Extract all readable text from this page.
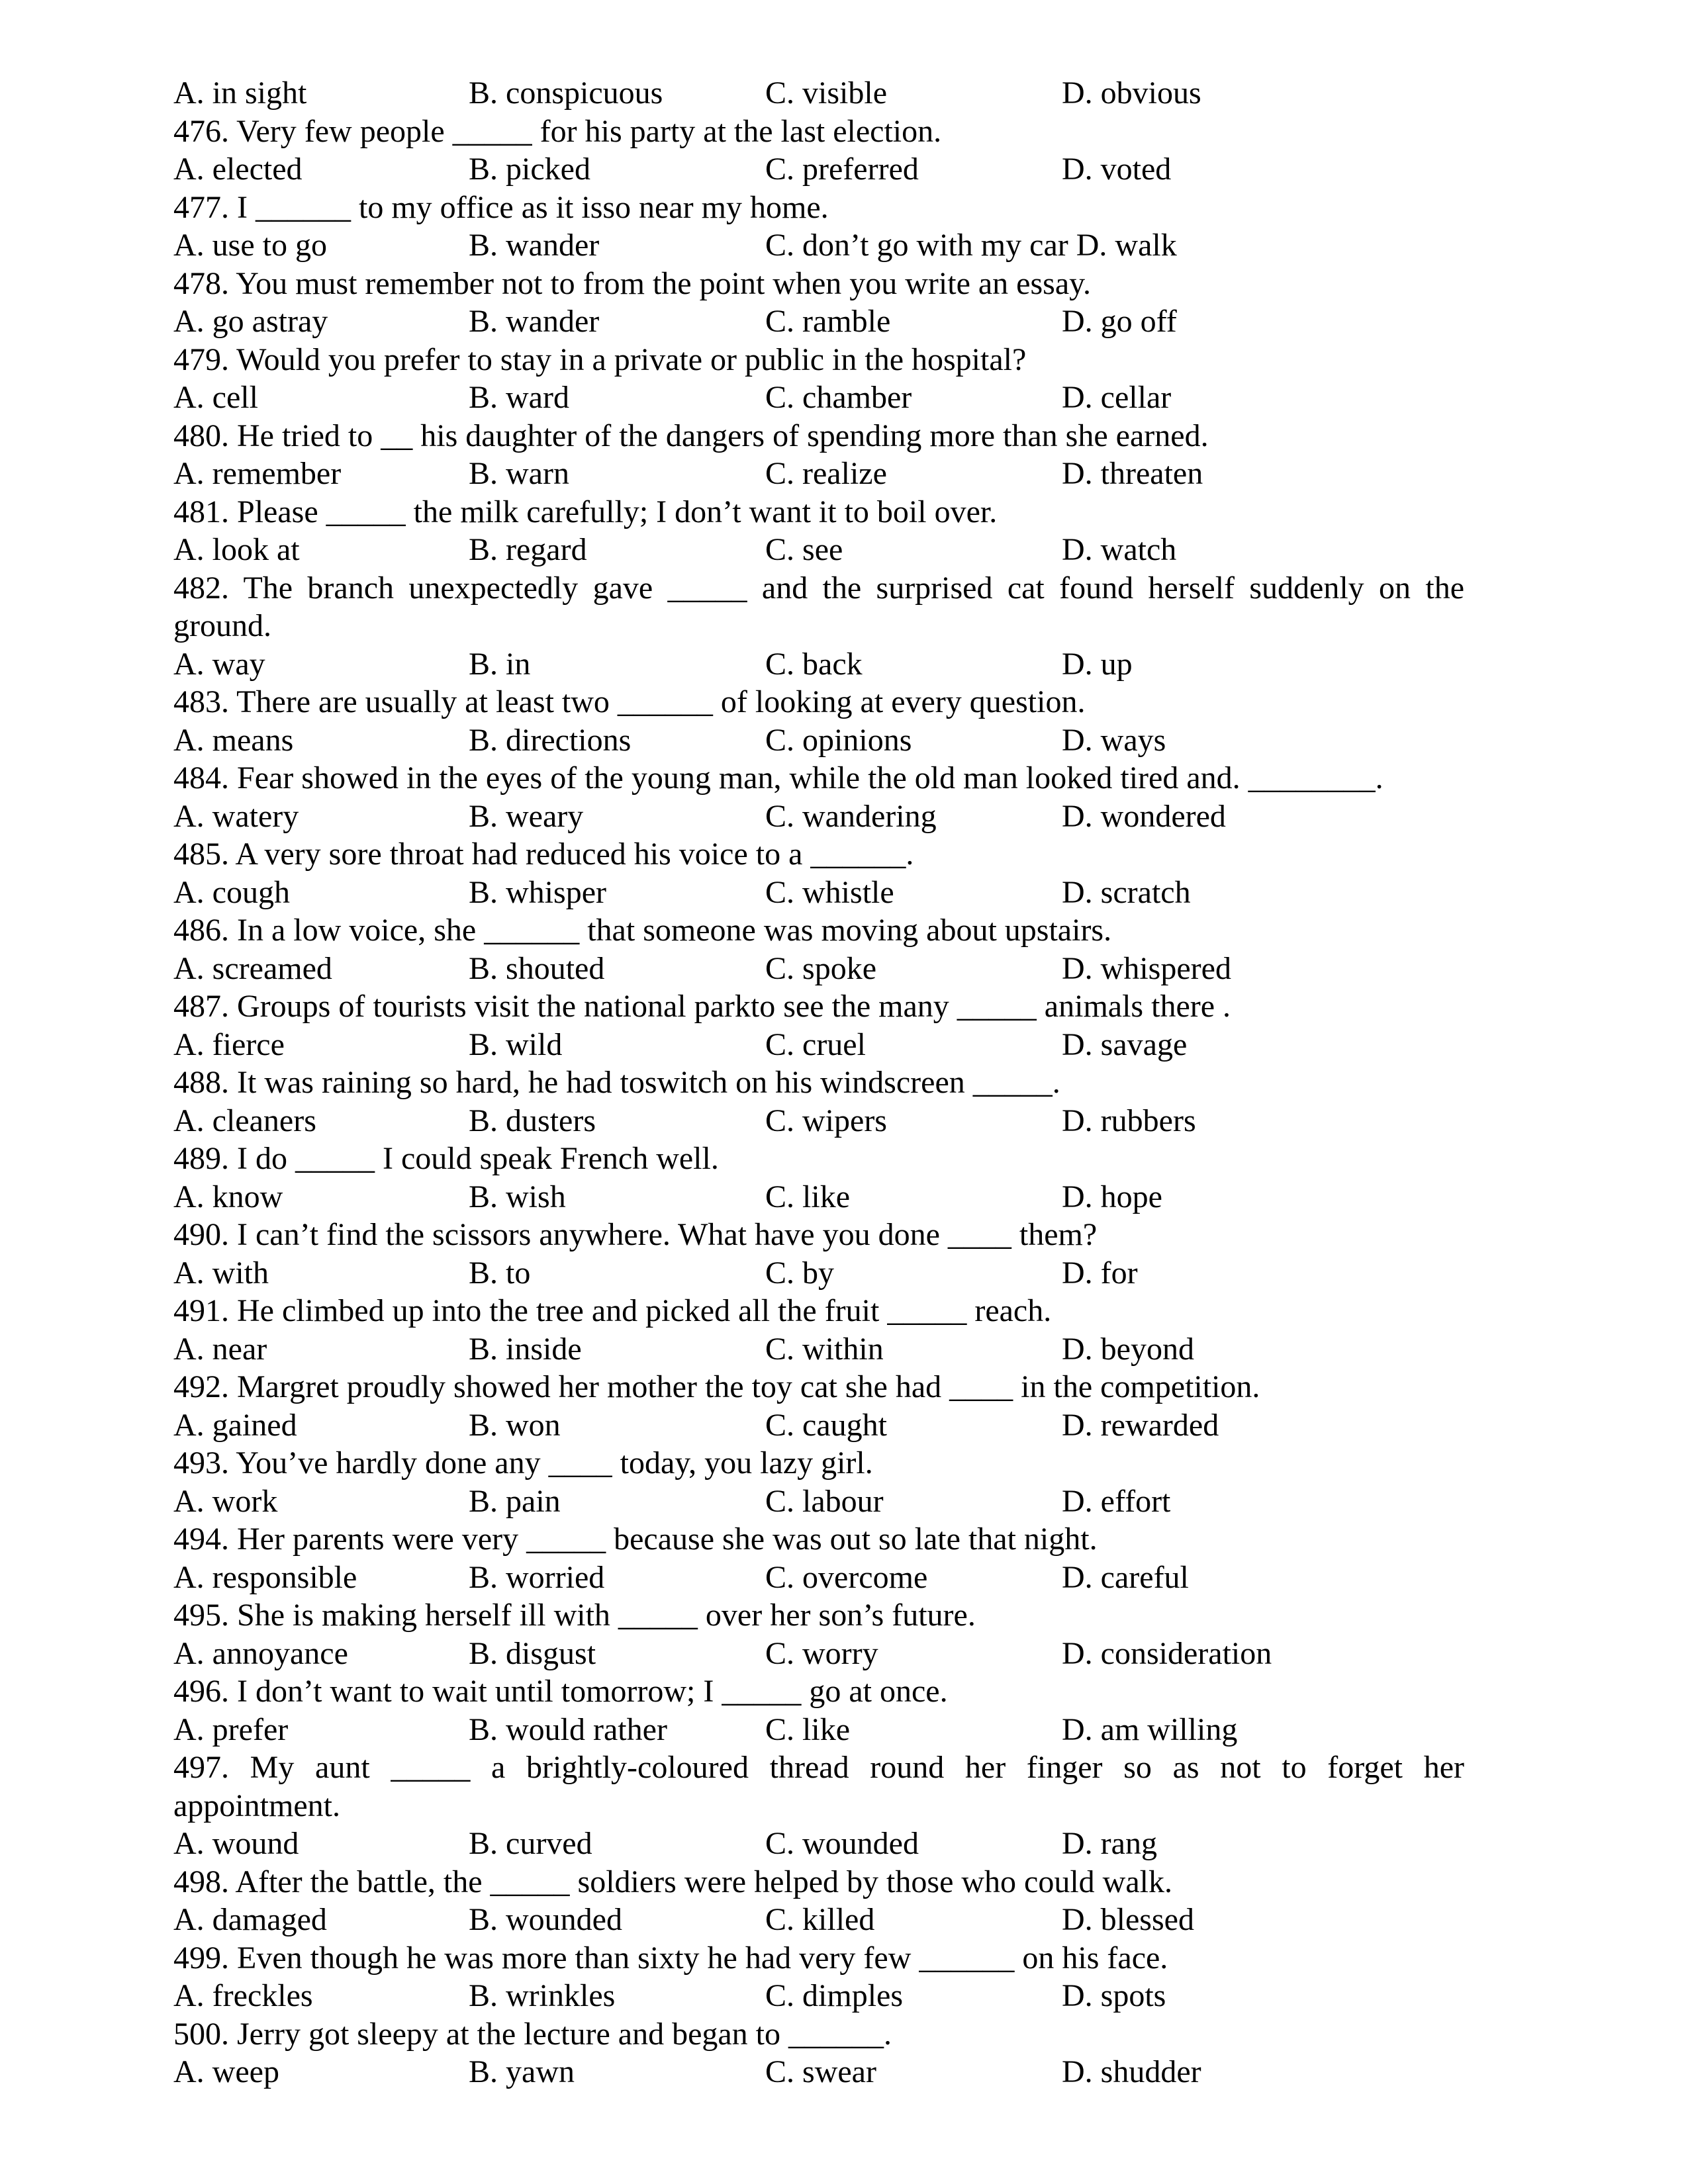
A. in sight	B. conspicuous	C. visible	D. obvious
476. Very few people _____ for his party at the last election.
A. elected	B. picked	C. preferred	D. voted
477. I ______ to my office as it isso near my home.
A. use to go	B. wander	C. don’t go with my car D. walk
478. You must remember not to from the point when you write an essay.
A. go astray	B. wander	C. ramble	D. go off
479. Would you prefer to stay in a private or public in the hospital?
A. cell	B. ward	C. chamber	D. cellar
480. He tried to __ his daughter of the dangers of spending more than she earned.
A. remember	B. warn	C. realize	D. threaten
481. Please _____ the milk carefully; I don’t want it to boil over.
A. look at	B. regard	C. see	D. watch
482. The branch unexpectedly gave _____ and the surprised cat found herself suddenly on the
ground.
A. way	B. in	C. back	D. up
483. There are usually at least two ______ of looking at every question.
A. means	B. directions	C. opinions	D. ways
484. Fear showed in the eyes of the young man, while the old man looked tired and. ________.
A. watery	B. weary	C. wandering	D. wondered
485. A very sore throat had reduced his voice to a ______.
A. cough	B. whisper	C. whistle	D. scratch
486. In a low voice, she ______ that someone was moving about upstairs.
A. screamed	B. shouted	C. spoke	D. whispered
487. Groups of tourists visit the national parkto see the many _____ animals there .
A. fierce	B. wild	C. cruel	D. savage
488. It was raining so hard, he had toswitch on his windscreen _____.
A. cleaners	B. dusters	C. wipers	D. rubbers
489. I do _____ I could speak French well.
A. know	B. wish	C. like	D. hope
490. I can’t find the scissors anywhere. What have you done ____ them?
A. with	B. to	C. by	D. for
491. He climbed up into the tree and picked all the fruit _____ reach.
A. near	B. inside	C. within	D. beyond
492. Margret proudly showed her mother the toy cat she had ____ in the competition.
A. gained	B. won	C. caught	D. rewarded
493. You’ve hardly done any ____ today, you lazy girl.
A. work	B. pain	C. labour	D. effort
494. Her parents were very _____ because she was out so late that night.
A. responsible	B. worried	C. overcome	D. careful
495. She is making herself ill with _____ over her son’s future.
A. annoyance	B. disgust	C. worry	D. consideration
496. I don’t want to wait until tomorrow; I _____ go at once.
A. prefer	B. would rather	C. like	D. am willing
497. My aunt _____ a brightly-coloured thread round her finger so as not to forget her
appointment.
A. wound	B. curved	C. wounded	D. rang
498. After the battle, the _____ soldiers were helped by those who could walk.
A. damaged	B. wounded	C. killed	D. blessed
499. Even though he was more than sixty he had very few ______ on his face.
A. freckles	B. wrinkles	C. dimples	D. spots
500. Jerry got sleepy at the lecture and began to ______.
A. weep	B. yawn	C. swear	D. shudder
